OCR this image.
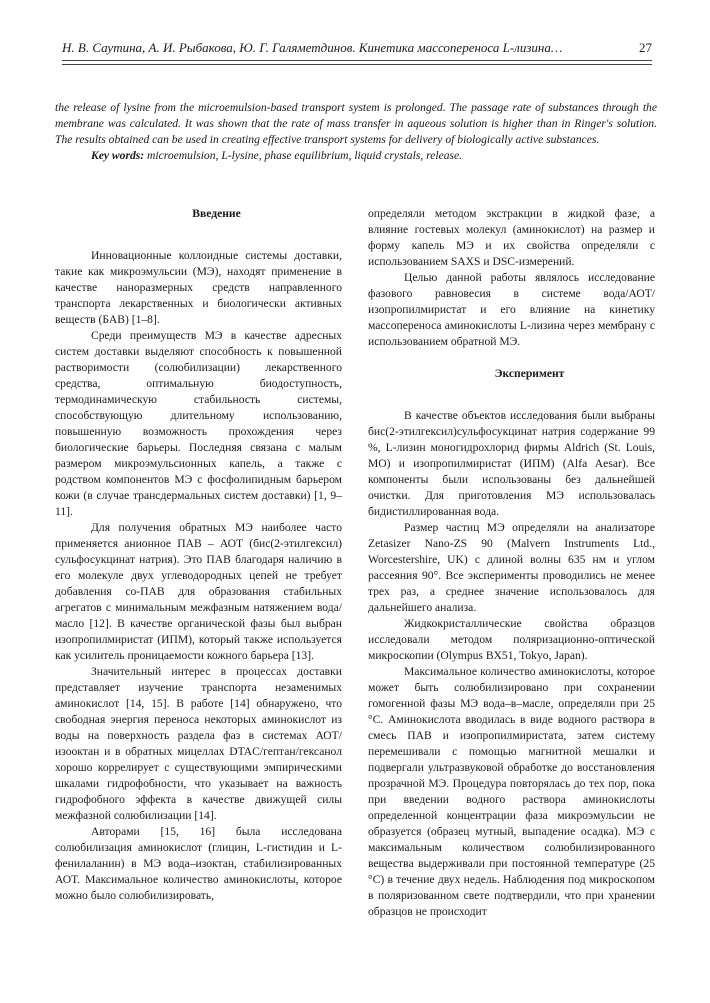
Н. В. Саутина, А. И. Рыбакова, Ю. Г. Галяметдинов. Кинетика массопереноса L-лизина…	27

the release of lysine from the microemulsion-based transport system is prolonged. The passage rate of substances through the membrane was calculated. It was shown that the rate of mass transfer in aqueous solution is higher than in Ringer's solution. The results obtained can be used in creating effective transport systems for delivery of biologically active substances.

Key words: microemulsion, L-lysine, phase equilibrium, liquid crystals, release.

Введение

Инновационные коллоидные системы доставки, такие как микроэмульсии (МЭ), находят применение в качестве наноразмерных средств направленного транспорта лекарственных и биологически активных веществ (БАВ) [1–8].

Среди преимуществ МЭ в качестве адресных систем доставки выделяют способность к повышенной растворимости (солюбилизации) лекарственного средства, оптимальную биодоступность, термодинамическую стабильность системы, способствующую длительному использованию, повышенную возможность прохождения через биологические барьеры. Последняя связана с малым размером микроэмульсионных капель, а также с родством компонентов МЭ с фосфолипидным барьером кожи (в случае трансдермальных систем доставки) [1, 9–11].

Для получения обратных МЭ наиболее часто применяется анионное ПАВ – АОТ (бис(2-этилгексил) сульфосукцинат натрия). Это ПАВ благодаря наличию в его молекуле двух углеводородных цепей не требует добавления со-ПАВ для образования стабильных агрегатов с минимальным межфазным натяжением вода/масло [12]. В качестве органической фазы был выбран изопропилмиристат (ИПМ), который также используется как усилитель проницаемости кожного барьера [13].

Значительный интерес в процессах доставки представляет изучение транспорта незаменимых аминокислот [14, 15]. В работе [14] обнаружено, что свободная энергия переноса некоторых аминокислот из воды на поверхность раздела фаз в системах АОТ/изооктан и в обратных мицеллах DTAC/гептан/гексанол хорошо коррелирует с существующими эмпирическими шкалами гидрофобности, что указывает на важность гидрофобного эффекта в качестве движущей силы межфазной солюбилизации [14].

Авторами [15, 16] была исследована солюбилизация аминокислот (глицин, L-гистидин и L-фенилаланин) в МЭ вода–изоктан, стабилизированных АОТ. Максимальное количество аминокислоты, которое можно было солюбилизировать,

определяли методом экстракции в жидкой фазе, а влияние гостевых молекул (аминокислот) на размер и форму капель МЭ и их свойства определяли с использованием SAXS и DSC-измерений.

Целью данной работы являлось исследование фазового равновесия в системе вода/АОТ/изопропилмиристат и его влияние на кинетику массопереноса аминокислоты L-лизина через мембрану с использованием обратной МЭ.

Эксперимент

В качестве объектов исследования были выбраны бис(2-этилгексил)сульфосукцинат натрия содержание 99 %, L-лизин моногидрохлорид фирмы Aldrich (St. Louis, MO) и изопропилмиристат (ИПМ) (Alfa Aesar). Все компоненты были использованы без дальнейшей очистки. Для приготовления МЭ использовалась бидистиллированная вода.

Размер частиц МЭ определяли на анализаторе Zetasizer Nano-ZS 90 (Malvern Instruments Ltd., Worcestershire, UK) с длиной волны 635 нм и углом рассеяния 90°. Все эксперименты проводились не менее трех раз, а среднее значение использовалось для дальнейшего анализа.

Жидкокристаллические свойства образцов исследовали методом поляризационно-оптической микроскопии (Olympus BX51, Tokyo, Japan).

Максимальное количество аминокислоты, которое может быть солюбилизировано при сохранении гомогенной фазы МЭ вода–в–масле, определяли при 25 °С. Аминокислота вводилась в виде водного раствора в смесь ПАВ и изопропилмиристата, затем систему перемешивали с помощью магнитной мешалки и подвергали ультразвуковой обработке до восстановления прозрачной МЭ. Процедура повторялась до тех пор, пока при введении водного раствора аминокислоты определенной концентрации фаза микроэмульсии не образуется (образец мутный, выпадение осадка). МЭ с максимальным количеством солюбилизированного вещества выдерживали при постоянной температуре (25 °С) в течение двух недель. Наблюдения под микроскопом в поляризованном свете подтвердили, что при хранении образцов не происходит
